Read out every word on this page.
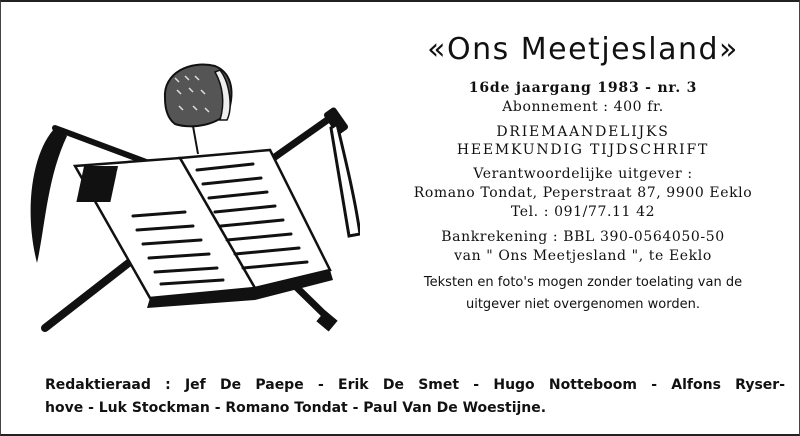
R
«Ons Meetjesland»
16de jaargang 1983 - nr. 3
Abonnement : 400 fr.
DRIEMAANDELIJKS
HEEMKUNDIG TIJDSCHRIFT
Verantwoordelijke uitgever :
Romano Tondat, Peperstraat 87, 9900 Eeklo
Tel. : 091/77.11 42
Bankrekening : BBL 390-0564050-50
van " Ons Meetjesland ", te Eeklo
Teksten en foto's mogen zonder toelating van de
uitgever niet overgenomen worden.
Redaktieraad : Jef De Paepe - Erik De Smet - Hugo Notteboom - Alfons Ryser-
hove - Luk Stockman - Romano Tondat - Paul Van De Woestijne.
